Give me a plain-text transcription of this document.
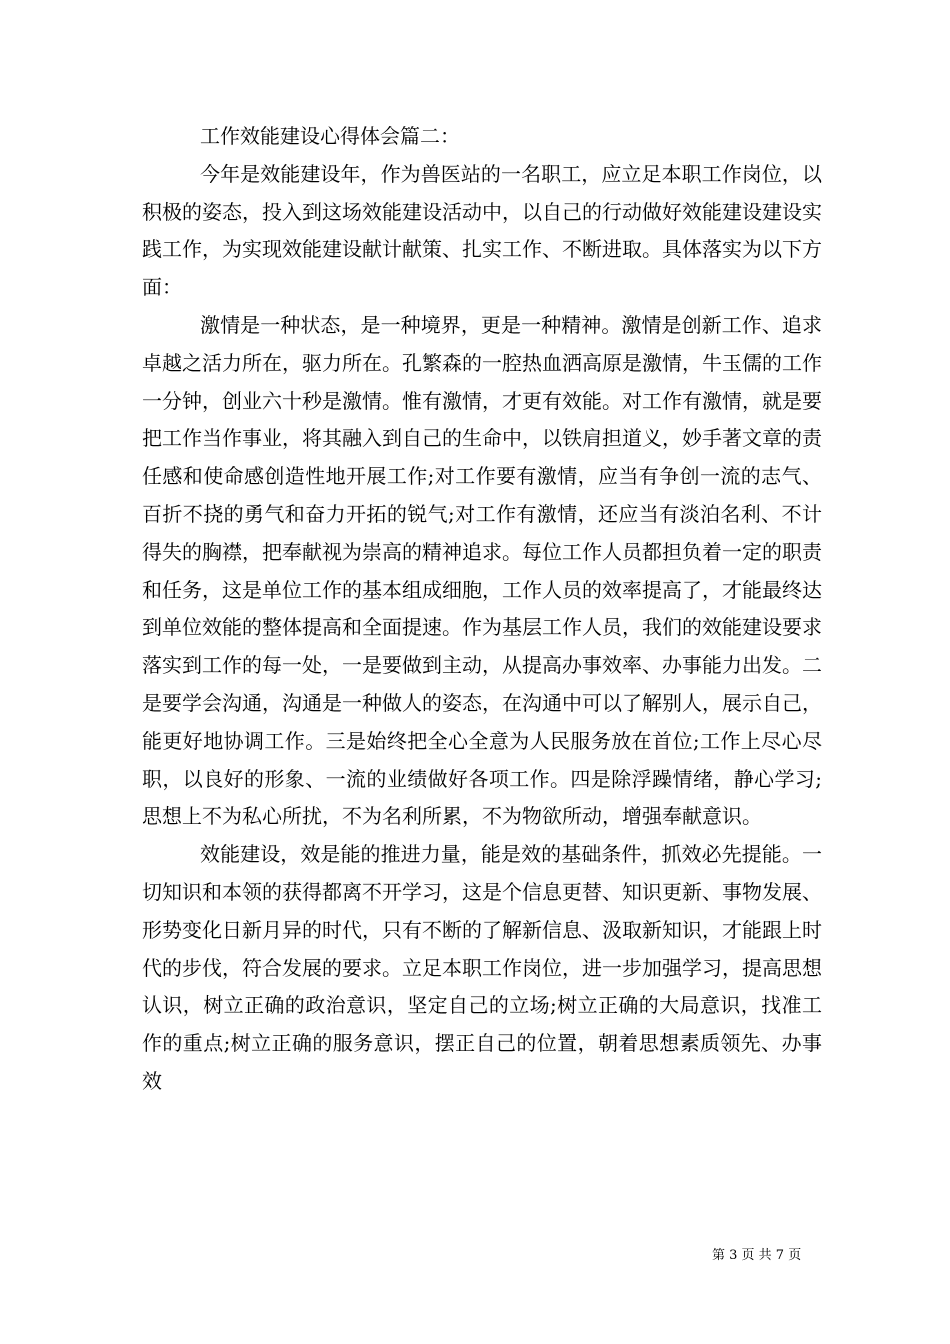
工作效能建设心得体会篇二：

今年是效能建设年，作为兽医站的一名职工，应立足本职工作岗位，以积极的姿态，投入到这场效能建设活动中，以自己的行动做好效能建设建设实践工作，为实现效能建设献计献策、扎实工作、不断进取。具体落实为以下方面：

激情是一种状态，是一种境界，更是一种精神。激情是创新工作、追求卓越之活力所在，驱力所在。孔繁森的一腔热血洒高原是激情，牛玉儒的工作一分钟，创业六十秒是激情。惟有激情，才更有效能。对工作有激情，就是要把工作当作事业，将其融入到自己的生命中，以铁肩担道义，妙手著文章的责任感和使命感创造性地开展工作;对工作要有激情，应当有争创一流的志气、百折不挠的勇气和奋力开拓的锐气;对工作有激情，还应当有淡泊名利、不计得失的胸襟，把奉献视为崇高的精神追求。每位工作人员都担负着一定的职责和任务，这是单位工作的基本组成细胞，工作人员的效率提高了，才能最终达到单位效能的整体提高和全面提速。作为基层工作人员，我们的效能建设要求落实到工作的每一处，一是要做到主动，从提高办事效率、办事能力出发。二是要学会沟通，沟通是一种做人的姿态，在沟通中可以了解别人，展示自己，能更好地协调工作。三是始终把全心全意为人民服务放在首位;工作上尽心尽职，以良好的形象、一流的业绩做好各项工作。四是除浮躁情绪，静心学习;思想上不为私心所扰，不为名利所累，不为物欲所动，增强奉献意识。

效能建设，效是能的推进力量，能是效的基础条件，抓效必先提能。一切知识和本领的获得都离不开学习，这是个信息更替、知识更新、事物发展、形势变化日新月异的时代，只有不断的了解新信息、汲取新知识，才能跟上时代的步伐，符合发展的要求。立足本职工作岗位，进一步加强学习，提高思想认识，树立正确的政治意识，坚定自己的立场;树立正确的大局意识，找准工作的重点;树立正确的服务意识，摆正自己的位置，朝着思想素质领先、办事效

第 3 页 共 7 页
